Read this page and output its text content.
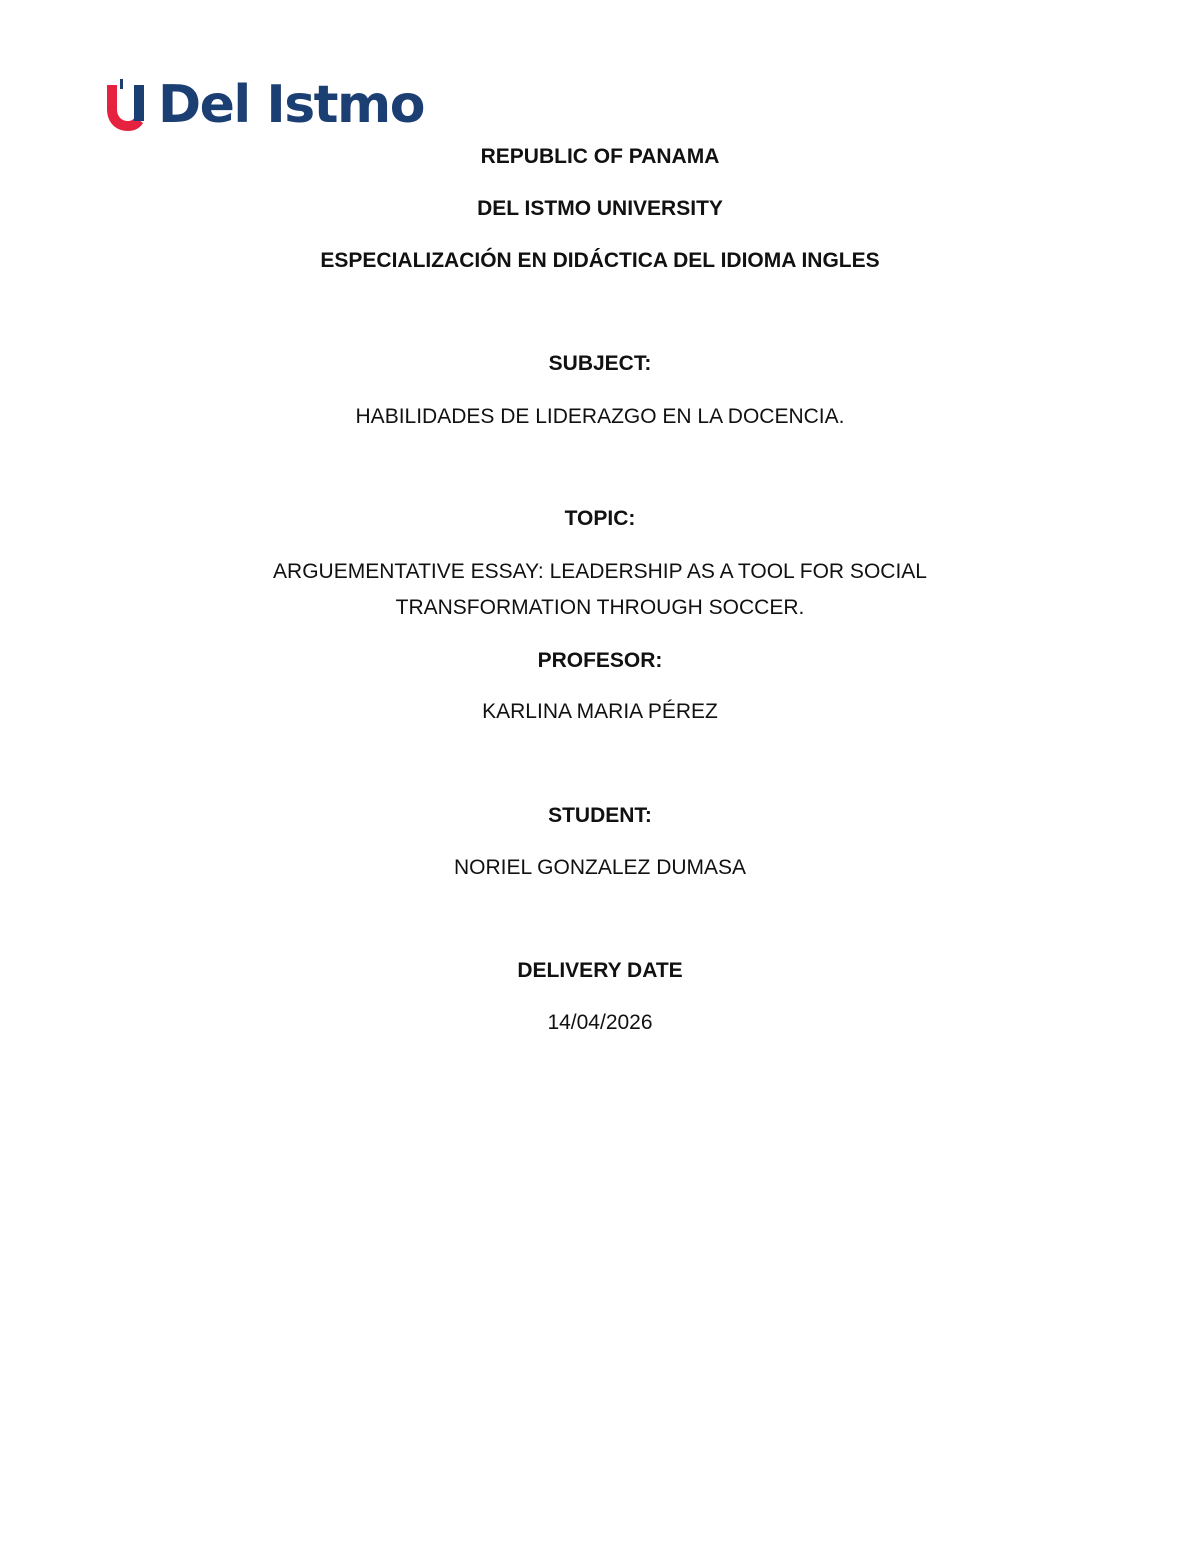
Del Istmo
REPUBLIC OF PANAMA
DEL ISTMO UNIVERSITY
ESPECIALIZACIÓN EN DIDÁCTICA DEL IDIOMA INGLES
SUBJECT:
HABILIDADES DE LIDERAZGO EN LA DOCENCIA.
TOPIC:
ARGUEMENTATIVE ESSAY: LEADERSHIP AS A TOOL FOR SOCIAL
TRANSFORMATION THROUGH SOCCER.
PROFESOR:
KARLINA MARIA PÉREZ
STUDENT:
NORIEL GONZALEZ DUMASA
DELIVERY DATE
14/04/2026
